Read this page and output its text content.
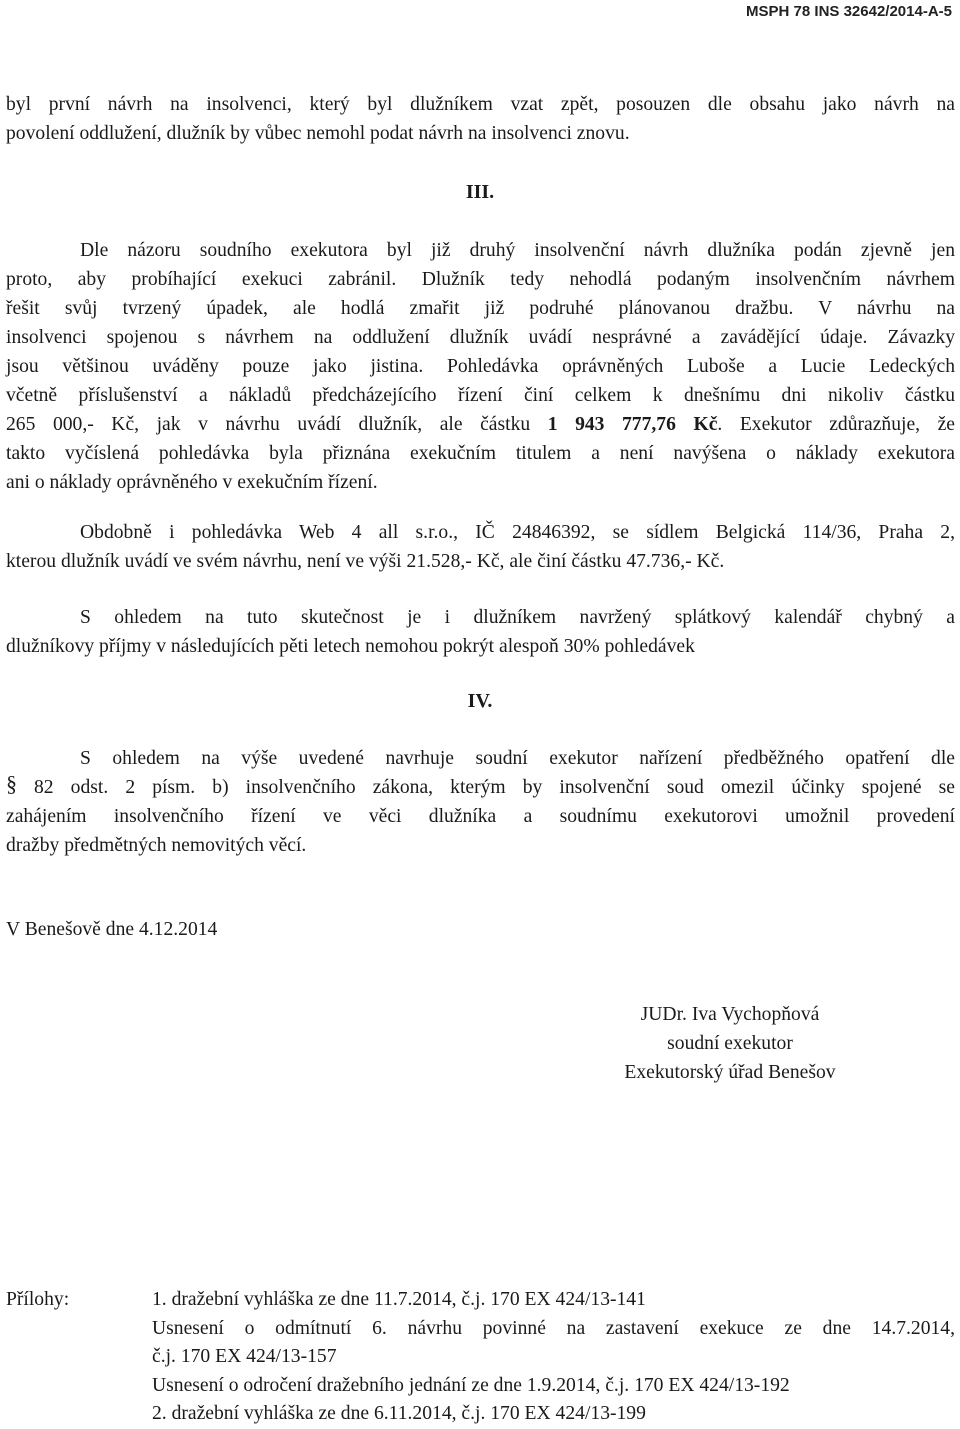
MSPH 78 INS 32642/2014-A-5
byl první návrh na insolvenci, který byl dlužníkem vzat zpět, posouzen dle obsahu jako návrh na
povolení oddlužení, dlužník by vůbec nemohl podat návrh na insolvenci znovu.
III.
Dle názoru soudního exekutora byl již druhý insolvenční návrh dlužníka podán zjevně jen
proto, aby probíhající exekuci zabránil. Dlužník tedy nehodlá podaným insolvenčním návrhem
řešit svůj tvrzený úpadek, ale hodlá zmařit již podruhé plánovanou dražbu. V návrhu na
insolvenci spojenou s návrhem na oddlužení dlužník uvádí nesprávné a zavádějící údaje. Závazky
jsou většinou uváděny pouze jako jistina. Pohledávka oprávněných Luboše a Lucie Ledeckých
včetně příslušenství a nákladů předcházejícího řízení činí celkem k dnešnímu dni nikoliv částku
265 000,- Kč, jak v návrhu uvádí dlužník, ale částku 1 943 777,76 Kč. Exekutor zdůrazňuje, že
takto vyčíslená pohledávka byla přiznána exekučním titulem a není navýšena o náklady exekutora
ani o náklady oprávněného v exekučním řízení.
Obdobně i pohledávka Web 4 all s.r.o., IČ 24846392, se sídlem Belgická 114/36, Praha 2,
kterou dlužník uvádí ve svém návrhu, není ve výši 21.528,- Kč, ale činí částku 47.736,- Kč.
S ohledem na tuto skutečnost je i dlužníkem navržený splátkový kalendář chybný a
dlužníkovy příjmy v následujících pěti letech nemohou pokrýt alespoň 30% pohledávek
IV.
§
S ohledem na výše uvedené navrhuje soudní exekutor nařízení předběžného opatření dle
82 odst. 2 písm. b) insolvenčního zákona, kterým by insolvenční soud omezil účinky spojené se
zahájením insolvenčního řízení ve věci dlužníka a soudnímu exekutorovi umožnil provedení
dražby předmětných nemovitých věcí.
V Benešově dne 4.12.2014
JUDr. Iva Vychopňová
soudní exekutor
Exekutorský úřad Benešov
Přílohy:	1. dražební vyhláška ze dne 11.7.2014, č.j. 170 EX 424/13-141
Usnesení o odmítnutí 6. návrhu povinné na zastavení exekuce ze dne 14.7.2014,
č.j. 170 EX 424/13-157
Usnesení o odročení dražebního jednání ze dne 1.9.2014, č.j. 170 EX 424/13-192
2. dražební vyhláška ze dne 6.11.2014, č.j. 170 EX 424/13-199
